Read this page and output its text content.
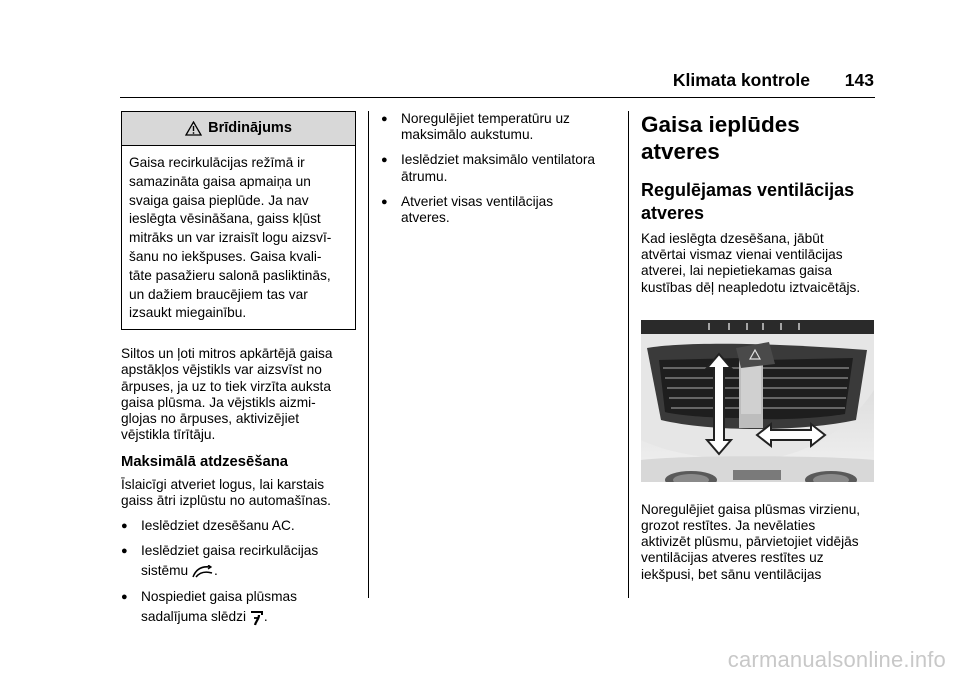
Klimata kontrole 143
Brīdinājums
Gaisa recirkulācijas režīmā ir
samazināta gaisa apmaiņa un
svaiga gaisa pieplūde. Ja nav
ieslēgta vēsināšana, gaiss kļūst
mitrāks un var izraisīt logu aizsvī-
šanu no iekšpuses. Gaisa kvali-
tāte pasažieru salonā pasliktinās,
un dažiem braucējiem tas var
izsaukt miegainību.

Siltos un ļoti mitros apkārtējā gaisa
apstākļos vējstikls var aizsvīst no
ārpuses, ja uz to tiek virzīta auksta
gaisa plūsma. Ja vējstikls aizmi-
glojas no ārpuses, aktivizējiet
vējstikla tīrītāju.

Maksimālā atdzesēšana

Īslaicīgi atveriet logus, lai karstais
gaiss ātri izplūstu no automašīnas.

● Ieslēdziet dzesēšanu AC.
● Ieslēdziet gaisa recirkulācijas
sistēmu .
● Nospiediet gaisa plūsmas
sadalījuma slēdzi .
● Noregulējiet temperatūru uz
maksimālo aukstumu.
● Ieslēdziet maksimālo ventilatora
ātrumu.
● Atveriet visas ventilācijas
atveres.
Gaisa ieplūdes
atveres
Regulējamas ventilācijas
atveres

Kad ieslēgta dzesēšana, jābūt
atvērtai vismaz vienai ventilācijas
atverei, lai nepietiekamas gaisa
kustības dēļ neapledotu iztvaicētājs.

Noregulējiet gaisa plūsmas virzienu,
grozot restītes. Ja nevēlaties
aktivizēt plūsmu, pārvietojiet vidējās
ventilācijas atveres restītes uz
iekšpusi, bet sānu ventilācijas

carmanualsonline.info
